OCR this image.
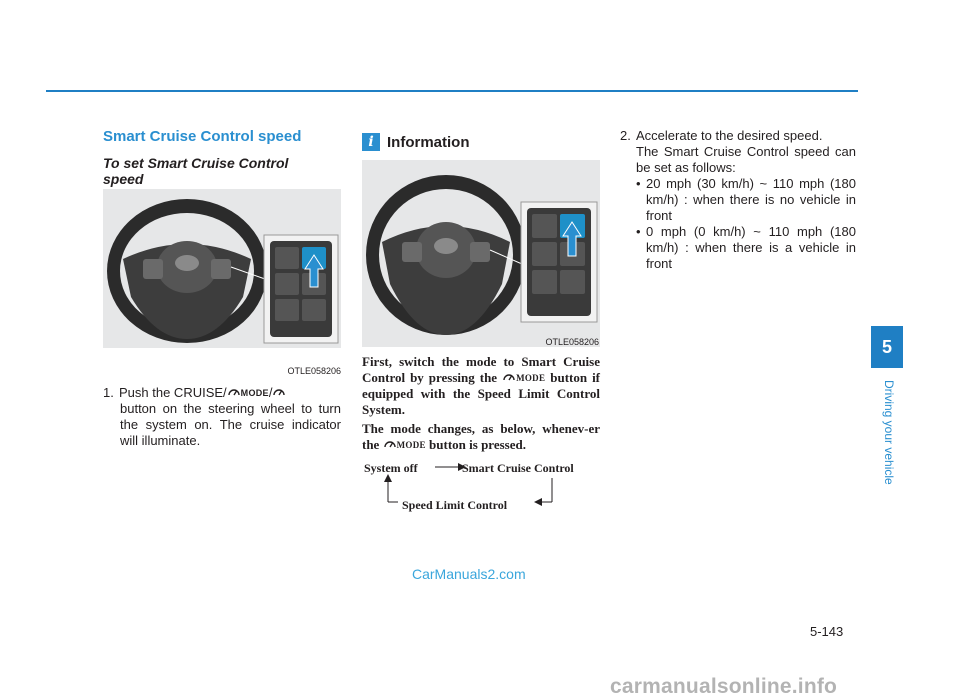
Smart Cruise Control speed
To set Smart Cruise Control speed
OTLE058206
1. Push the CRUISE/ MODE/
button on the steering wheel to turn the system on. The cruise indicator will illuminate.
i Information
OTLE058206
First, switch the mode to Smart Cruise Control by pressing the MODE button if equipped with the Speed Limit Control System.
The mode changes, as below, whenev-er the MODE button is pressed.
System off	Smart Cruise Control
Speed Limit Control
2. Accelerate to the desired speed.
The Smart Cruise Control speed can be set as follows:
• 20 mph (30 km/h) ~ 110 mph (180 km/h) : when there is no vehicle in front
• 0 mph (0 km/h) ~ 110 mph (180 km/h) : when there is a vehicle in front
5
Driving your vehicle
CarManuals2.com
5-143
carmanualsonline.info
